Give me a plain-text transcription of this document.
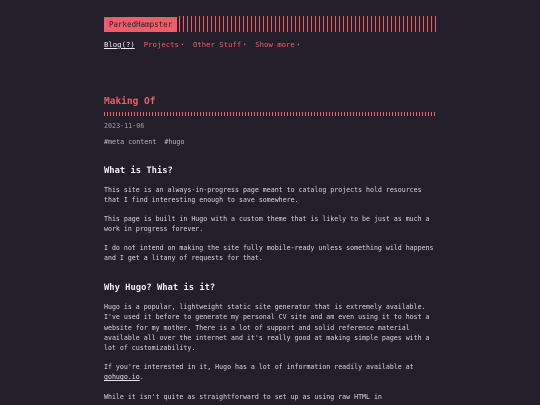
ParkedHampster
Blog(?) Projects ▾ Other Stuff ▾ Show more ▾
Making Of
2023-11-06
#meta content #hugo
What is This?

This site is an always-in-progress page meant to catalog projects hold resources that I find interesting enough to save somewhere.

This page is built in Hugo with a custom theme that is likely to be just as much a work in progress forever.

I do not intend on making the site fully mobile-ready unless something wild happens and I get a litany of requests for that.

Why Hugo? What is it?

Hugo is a popular, lightweight static site generator that is extremely available. I've used it before to generate my personal CV site and am even using it to host a website for my mother. There is a lot of support and solid reference material available all over the internet and it's really good at making simple pages with a lot of customizability.

If you're interested in it, Hugo has a lot of information readily available at gohugo.io.

While it isn't quite as straightforward to set up as using raw HTML in
